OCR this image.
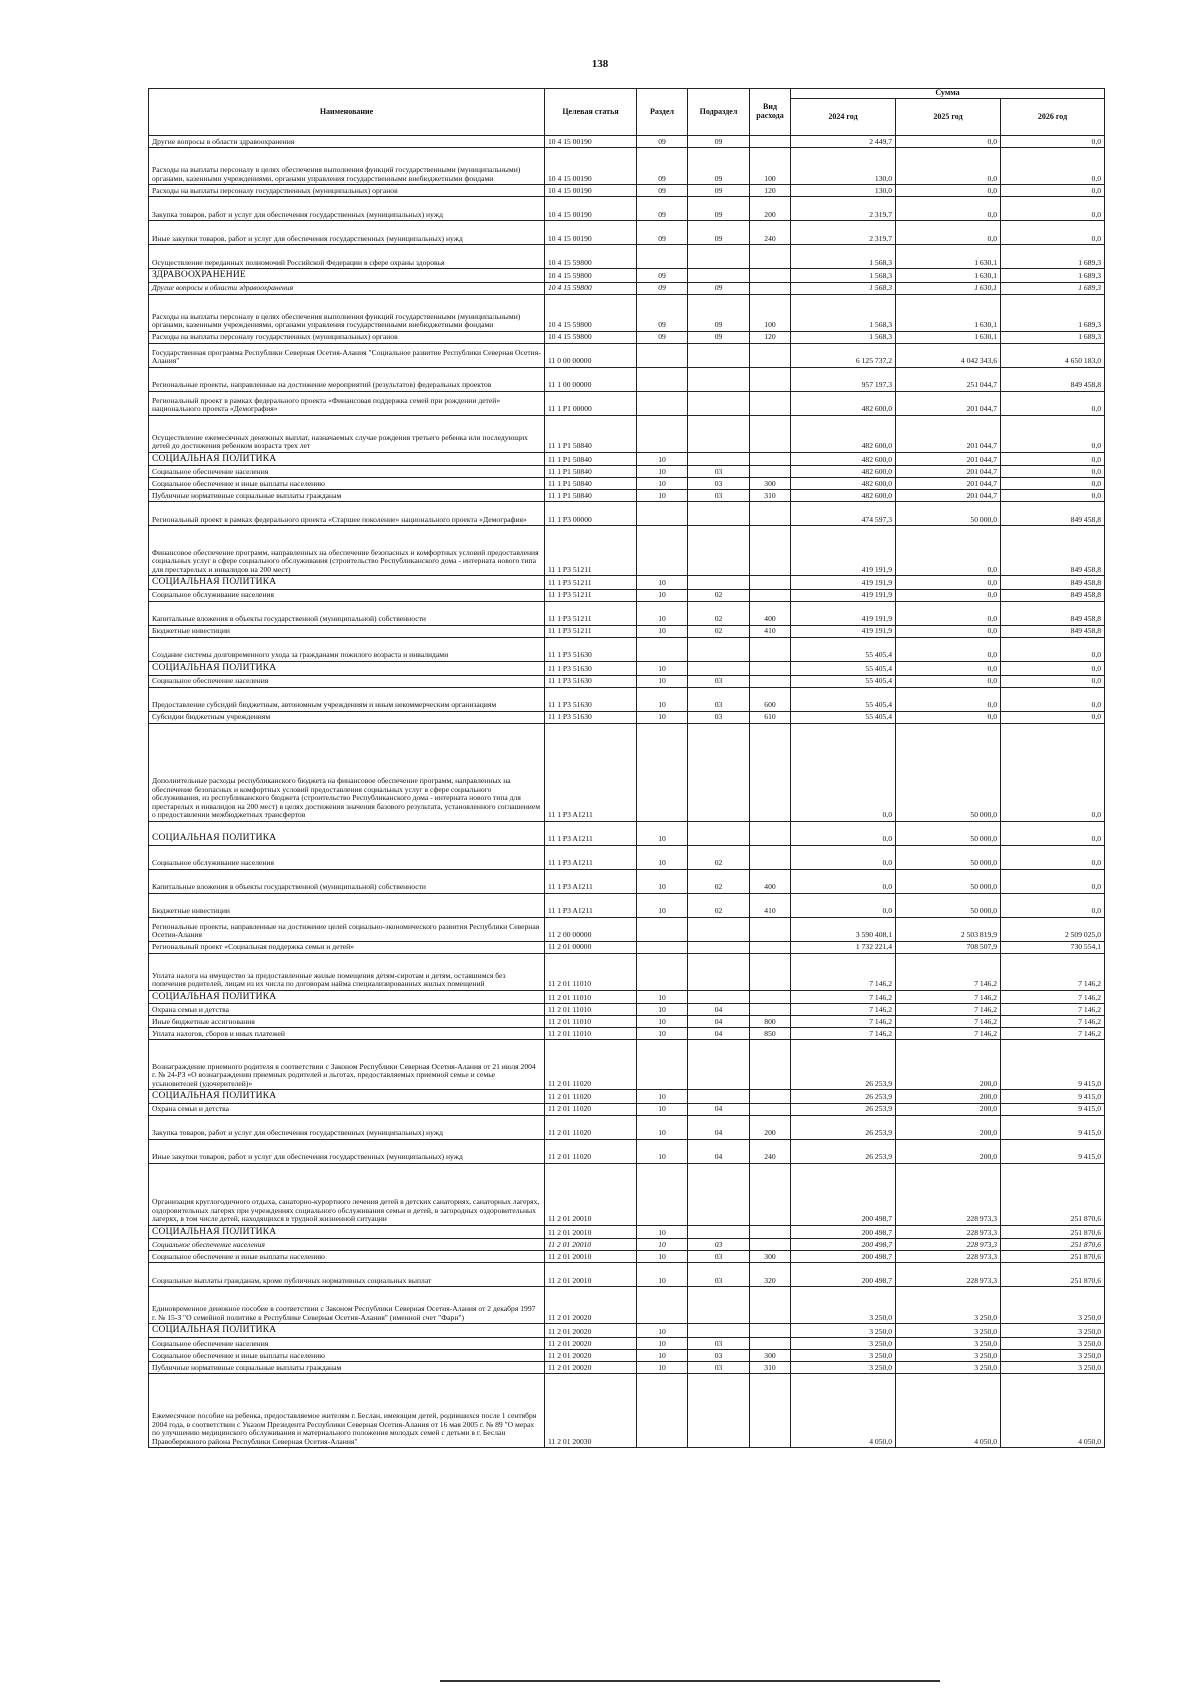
138
Наименование	Целевая статья	Раздел	Подраздел	Вид расхода	Сумма		
					2024 год	2025 год	2026 год
Другие вопросы в области здравоохранения	10 4 15 00190	09	09		2 449,7	0,0	0,0
Расходы на выплаты персоналу в целях обеспечения выполнения функций государственными (муниципальными) органами, казенными учреждениями, органами управления государственными внебюджетными фондами	10 4 15 00190	09	09	100	130,0	0,0	0,0
Расходы на выплаты персоналу государственных (муниципальных) органов	10 4 15 00190	09	09	120	130,0	0,0	0,0
Закупка товаров, работ и услуг для обеспечения государственных (муниципальных) нужд	10 4 15 00190	09	09	200	2 319,7	0,0	0,0
Иные закупки товаров, работ и услуг для обеспечения государственных (муниципальных) нужд	10 4 15 00190	09	09	240	2 319,7	0,0	0,0
Осуществление переданных полномочий Российской Федерации в сфере охраны здоровья	10 4 15 59800				1 568,3	1 630,1	1 689,3
ЗДРАВООХРАНЕНИЕ	10 4 15 59800	09			1 568,3	1 630,1	1 689,3
Другие вопросы в области здравоохранения	10 4 15 59800	09	09		1 568,3	1 630,1	1 689,3
Расходы на выплаты персоналу в целях обеспечения выполнения функций государственными (муниципальными) органами, казенными учреждениями, органами управления государственными внебюджетными фондами	10 4 15 59800	09	09	100	1 568,3	1 630,1	1 689,3
Расходы на выплаты персоналу государственных (муниципальных) органов	10 4 15 59800	09	09	120	1 568,3	1 630,1	1 689,3
Государственная программа Республики Северная Осетия-Алания "Социальное развитие Республики Северная Осетия-Алания"	11 0 00 00000				6 125 737,2	4 042 343,6	4 650 183,0
Региональные проекты, направленные на достижение мероприятий (результатов) федеральных проектов	11 1 00 00000				957 197,3	251 044,7	849 458,8
Региональный проект в рамках федерального проекта «Финансовая поддержка семей при рождении детей» национального проекта «Демография»	11 1 P1 00000				482 600,0	201 044,7	0,0
Осуществление ежемесячных денежных выплат, назначаемых случае рождения третьего ребенка или последующих детей до достижения ребенком возраста трех лет	11 1 P1 50840				482 600,0	201 044,7	0,0
СОЦИАЛЬНАЯ ПОЛИТИКА	11 1 P1 50840	10			482 600,0	201 044,7	0,0
Социальное обеспечение населения	11 1 P1 50840	10	03		482 600,0	201 044,7	0,0
Социальное обеспечение и иные выплаты населению	11 1 P1 50840	10	03	300	482 600,0	201 044,7	0,0
Публичные нормативные социальные выплаты гражданам	11 1 P1 50840	10	03	310	482 600,0	201 044,7	0,0
Региональный проект в рамках федерального проекта «Старшее поколение» национального проекта «Демография»	11 1 P3 00000				474 597,3	50 000,0	849 458,8
Финансовое обеспечение программ, направленных на обеспечение безопасных и комфортных условий предоставления социальных услуг в сфере социального обслуживания (строительство Республиканского дома - интерната нового типа для престарелых и инвалидов на 200 мест)	11 1 P3 51211				419 191,9	0,0	849 458,8
СОЦИАЛЬНАЯ ПОЛИТИКА	11 1 P3 51211	10			419 191,9	0,0	849 458,8
Социальное обслуживание населения	11 1 P3 51211	10	02		419 191,9	0,0	849 458,8
Капитальные вложения в объекты государственной (муниципальной) собственности	11 1 P3 51211	10	02	400	419 191,9	0,0	849 458,8
Бюджетные инвестиции	11 1 P3 51211	10	02	410	419 191,9	0,0	849 458,8
Создание системы долговременного ухода за гражданами пожилого возраста и инвалидами	11 1 P3 51630				55 405,4	0,0	0,0
СОЦИАЛЬНАЯ ПОЛИТИКА	11 1 P3 51630	10			55 405,4	0,0	0,0
Социальное обеспечение населения	11 1 P3 51630	10	03		55 405,4	0,0	0,0
Предоставление субсидий бюджетным, автономным учреждениям и иным некоммерческим организациям	11 1 P3 51630	10	03	600	55 405,4	0,0	0,0
Субсидии бюджетным учреждениям	11 1 P3 51630	10	03	610	55 405,4	0,0	0,0
Дополнительные расходы республиканского бюджета на финансовое обеспечение программ, направленных на обеспечение безопасных и комфортных условий предоставления социальных услуг в сфере социального обслуживания, из республиканского бюджета (строительство Республиканского дома - интерната нового типа для престарелых и инвалидов на 200 мест) в целях достижения значения базового результата, установленного соглашением о предоставлении межбюджетных трансфертов	11 1 P3 A1211				0,0	50 000,0	0,0
СОЦИАЛЬНАЯ ПОЛИТИКА	11 1 P3 A1211	10			0,0	50 000,0	0,0
Социальное обслуживание населения	11 1 P3 A1211	10	02		0,0	50 000,0	0,0
Капитальные вложения в объекты государственной (муниципальной) собственности	11 1 P3 A1211	10	02	400	0,0	50 000,0	0,0
Бюджетные инвестиции	11 1 P3 A1211	10	02	410	0,0	50 000,0	0,0
Региональные проекты, направленные на достижение целей социально-экономического развития Республики Северная Осетия-Алания	11 2 00 00000				3 590 408,1	2 503 819,9	2 509 025,0
Региональный проект «Социальная поддержка семьи и детей»	11 2 01 00000				1 732 221,4	708 507,9	730 554,1
Уплата налога на имущество за предоставленные жилые помещения детям-сиротам и детям, оставшимся без попечения родителей, лицам из их числа по договорам найма специализированных жилых помещений	11 2 01 11010				7 146,2	7 146,2	7 146,2
СОЦИАЛЬНАЯ ПОЛИТИКА	11 2 01 11010	10			7 146,2	7 146,2	7 146,2
Охрана семьи и детства	11 2 01 11010	10	04		7 146,2	7 146,2	7 146,2
Иные бюджетные ассигнования	11 2 01 11010	10	04	800	7 146,2	7 146,2	7 146,2
Уплата налогов, сборов и иных платежей	11 2 01 11010	10	04	850	7 146,2	7 146,2	7 146,2
Вознаграждение приемного родителя в соответствии с Законом Республики Северная Осетия-Алания от 21 июля 2004 г. № 24-РЗ «О вознаграждении приемных родителей и льготах, предоставляемых приемной семье и семье усыновителей (удочерителей)»	11 2 01 11020				26 253,9	200,0	9 415,0
СОЦИАЛЬНАЯ ПОЛИТИКА	11 2 01 11020	10			26 253,9	200,0	9 415,0
Охрана семьи и детства	11 2 01 11020	10	04		26 253,9	200,0	9 415,0
Закупка товаров, работ и услуг для обеспечения государственных (муниципальных) нужд	11 2 01 11020	10	04	200	26 253,9	200,0	9 415,0
Иные закупки товаров, работ и услуг для обеспечения государственных (муниципальных) нужд	11 2 01 11020	10	04	240	26 253,9	200,0	9 415,0
Организация круглогодичного отдыха, санаторно-курортного лечения детей в детских санаториях, санаторных лагерях, оздоровительных лагерях при учреждениях социального обслуживания семьи и детей, в загородных оздоровительных лагерях, в том числе детей, находящихся в трудной жизненной ситуации	11 2 01 20010				200 498,7	228 973,3	251 870,6
СОЦИАЛЬНАЯ ПОЛИТИКА	11 2 01 20010	10			200 498,7	228 973,3	251 870,6
Социальное обеспечение населения	11 2 01 20010	10	03		200 498,7	228 973,3	251 870,6
Социальное обеспечение и иные выплаты населению	11 2 01 20010	10	03	300	200 498,7	228 973,3	251 870,6
Социальные выплаты гражданам, кроме публичных нормативных социальных выплат	11 2 01 20010	10	03	320	200 498,7	228 973,3	251 870,6
Единовременное денежное пособие в соответствии с Законом Республики Северная Осетия-Алания от 2 декабря 1997 г. № 15-З "О семейной политике в Республике Северная Осетия-Алания" (именной счет "Фарн")	11 2 01 20020				3 250,0	3 250,0	3 250,0
СОЦИАЛЬНАЯ ПОЛИТИКА	11 2 01 20020	10			3 250,0	3 250,0	3 250,0
Социальное обеспечение населения	11 2 01 20020	10	03		3 250,0	3 250,0	3 250,0
Социальное обеспечение и иные выплаты населению	11 2 01 20020	10	03	300	3 250,0	3 250,0	3 250,0
Публичные нормативные социальные выплаты гражданам	11 2 01 20020	10	03	310	3 250,0	3 250,0	3 250,0
Ежемесячное пособие на ребенка, предоставляемое жителям г. Беслан, имеющим детей, родившихся после 1 сентября 2004 года, в соответствии с Указом Президента Республики Северная Осетия-Алания от 16 мая 2005 г. № 89 "О мерах по улучшению медицинского обслуживания и материального положения молодых семей с детьми в г. Беслан Правобережного района Республики Северная Осетия-Алания"	11 2 01 20030				4 050,0	4 050,0	4 050,0
